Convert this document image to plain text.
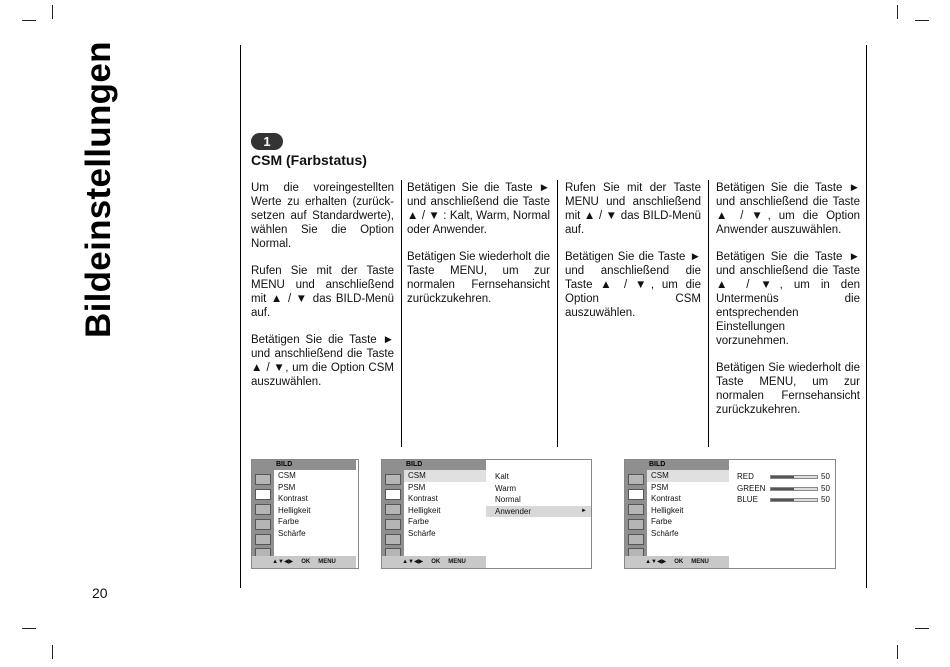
Bildeinstellungen	1
CSM (Farbstatus)

Um die voreingestellten Werte zu erhalten (zurück-setzen auf Standardwerte), wählen Sie die Option Normal.

Rufen Sie mit der Taste MENU und anschließend mit ▲ / ▼ das BILD-Menü auf.

Betätigen Sie die Taste ► und anschließend die Taste ▲ / ▼, um die Option CSM auszuwählen.

Betätigen Sie die Taste ► und anschließend die Taste ▲ / ▼ : Kalt, Warm, Normal oder Anwender.

Betätigen Sie wiederholt die Taste MENU, um zur normalen Fernsehansicht zurückzukehren.

Rufen Sie mit der Taste MENU und anschließend mit ▲ / ▼ das BILD-Menü auf.

Betätigen Sie die Taste ► und anschließend die Taste ▲ / ▼, um die Option CSM auszuwählen.

Betätigen Sie die Taste ► und anschließend die Taste ▲ / ▼, um die Option Anwender auszuwählen.

Betätigen Sie die Taste ► und anschließend die Taste ▲ / ▼, um in den Untermenüs die entsprechenden Einstellungen vorzunehmen.

Betätigen Sie wiederholt die Taste MENU, um zur normalen Fernsehansicht zurückzukehren.

BILD
CSM
PSM
Kontrast
Helligkeit
Farbe
Schärfe
▲▼◀▶ OK MENU
BILD
CSM
PSM
Kontrast
Helligkeit
Farbe
Schärfe
▲▼◀▶ OK MENU
Kalt
Warm
Normal
Anwender	►
BILD
CSM
PSM
Kontrast
Helligkeit
Farbe
Schärfe
▲▼◀▶ OK MENU
RED	50
GREEN	50
BLUE	50
20
